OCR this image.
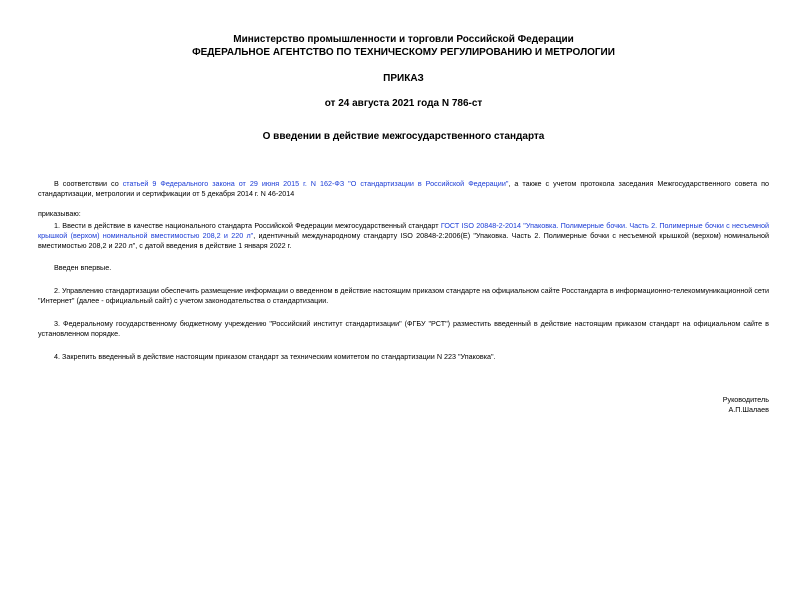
Министерство промышленности и торговли Российской Федерации
ФЕДЕРАЛЬНОЕ АГЕНТСТВО ПО ТЕХНИЧЕСКОМУ РЕГУЛИРОВАНИЮ И МЕТРОЛОГИИ
ПРИКАЗ
от 24 августа 2021 года N 786-ст
О введении в действие межгосударственного стандарта

В соответствии со статьей 9 Федерального закона от 29 июня 2015 г. N 162-ФЗ "О стандартизации в Российской Федерации", а также с учетом протокола заседания Межгосударственного совета по стандартизации, метрологии и сертификации от 5 декабря 2014 г. N 46-2014

приказываю:

1. Ввести в действие в качестве национального стандарта Российской Федерации межгосударственный стандарт ГОСТ ISO 20848-2-2014 "Упаковка. Полимерные бочки. Часть 2. Полимерные бочки с несъемной крышкой (верхом) номинальной вместимостью 208,2 и 220 л", идентичный международному стандарту ISO 20848-2:2006(E) "Упаковка. Часть 2. Полимерные бочки с несъемной крышкой (верхом) номинальной вместимостью 208,2 и 220 л", с датой введения в действие 1 января 2022 г.

Введен впервые.

2. Управлению стандартизации обеспечить размещение информации о введенном в действие настоящим приказом стандарте на официальном сайте Росстандарта в информационно-телекоммуникационной сети "Интернет" (далее - официальный сайт) с учетом законодательства о стандартизации.

3. Федеральному государственному бюджетному учреждению "Российский институт стандартизации" (ФГБУ "РСТ") разместить введенный в действие настоящим приказом стандарт на официальном сайте в установленном порядке.

4. Закрепить введенный в действие настоящим приказом стандарт за техническим комитетом по стандартизации N 223 "Упаковка".

Руководитель
А.П.Шалаев
